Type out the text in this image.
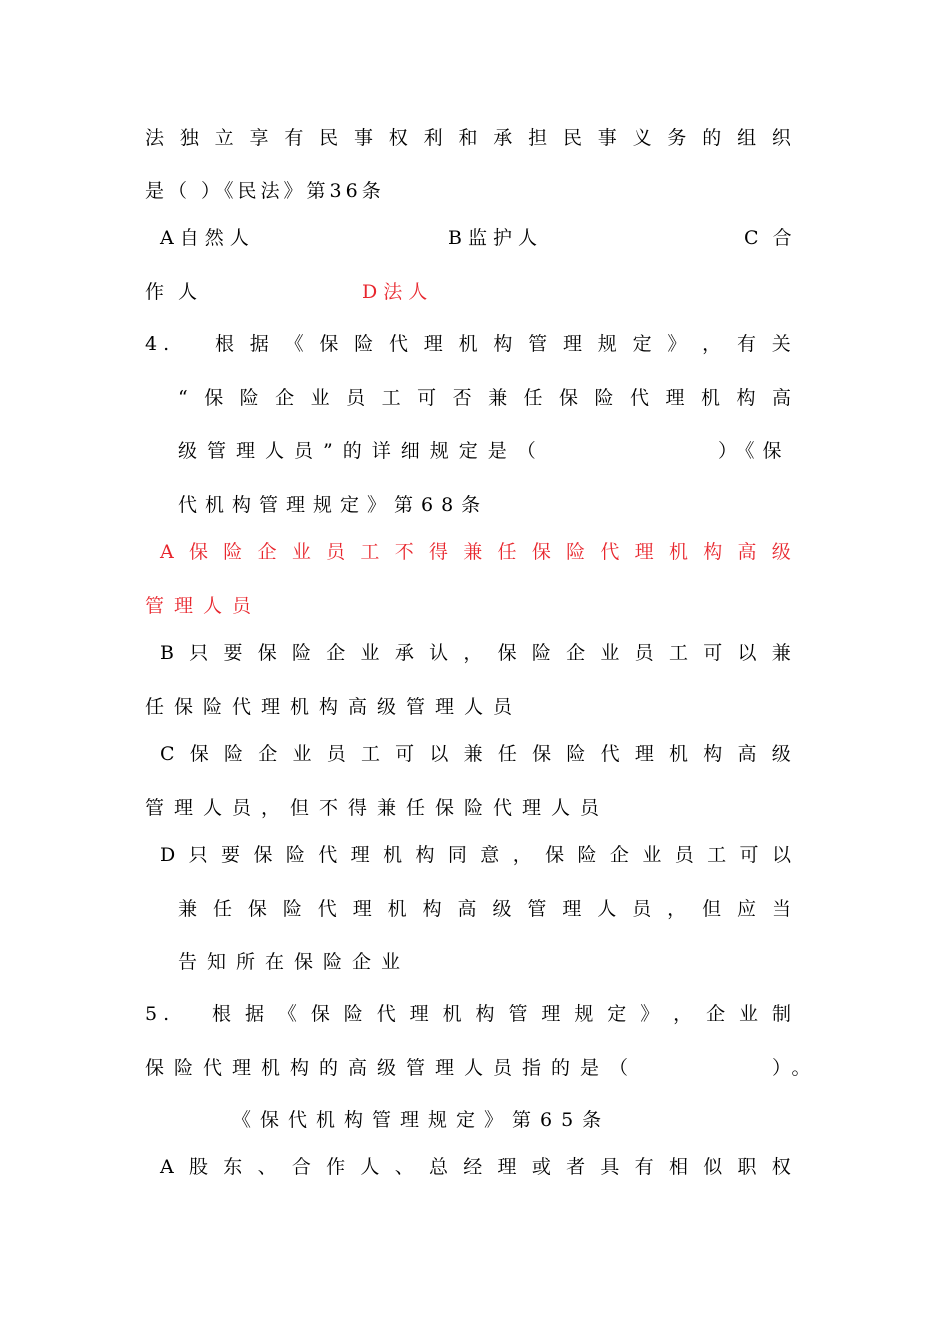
法 独 立 享 有 民 事 权 利 和 承 担 民 事 义 务 的 组 织
是（ ）《民法》第36条
A自然人	B监护人	C 合
作人	D法人
4. 根 据 《 保 险 代 理 机 构 管 理 规 定 》 ， 有 关
“ 保 险 企 业 员 工 可 否 兼 任 保 险 代 理 机 构 高
级管理人员”的详细规定是（	）《保
代机构管理规定》第68条
A 保 险 企 业 员 工 不 得 兼 任 保 险 代 理 机 构 高 级
管理人员
B 只 要 保 险 企 业 承 认 ， 保 险 企 业 员 工 可 以 兼
任保险代理机构高级管理人员
C 保 险 企 业 员 工 可 以 兼 任 保 险 代 理 机 构 高 级
管理人员，但不得兼任保险代理人员
D 只 要 保 险 代 理 机 构 同 意 ， 保 险 企 业 员 工 可 以
兼 任 保 险 代 理 机 构 高 级 管 理 人 员 ， 但 应 当
告知所在保险企业
5. 根 据 《 保 险 代 理 机 构 管 理 规 定 》 ， 企 业 制
保险代理机构的高级管理人员指的是（	）。
《保代机构管理规定》第65条
A 股 东 、 合 作 人 、 总 经 理 或 者 具 有 相 似 职 权
